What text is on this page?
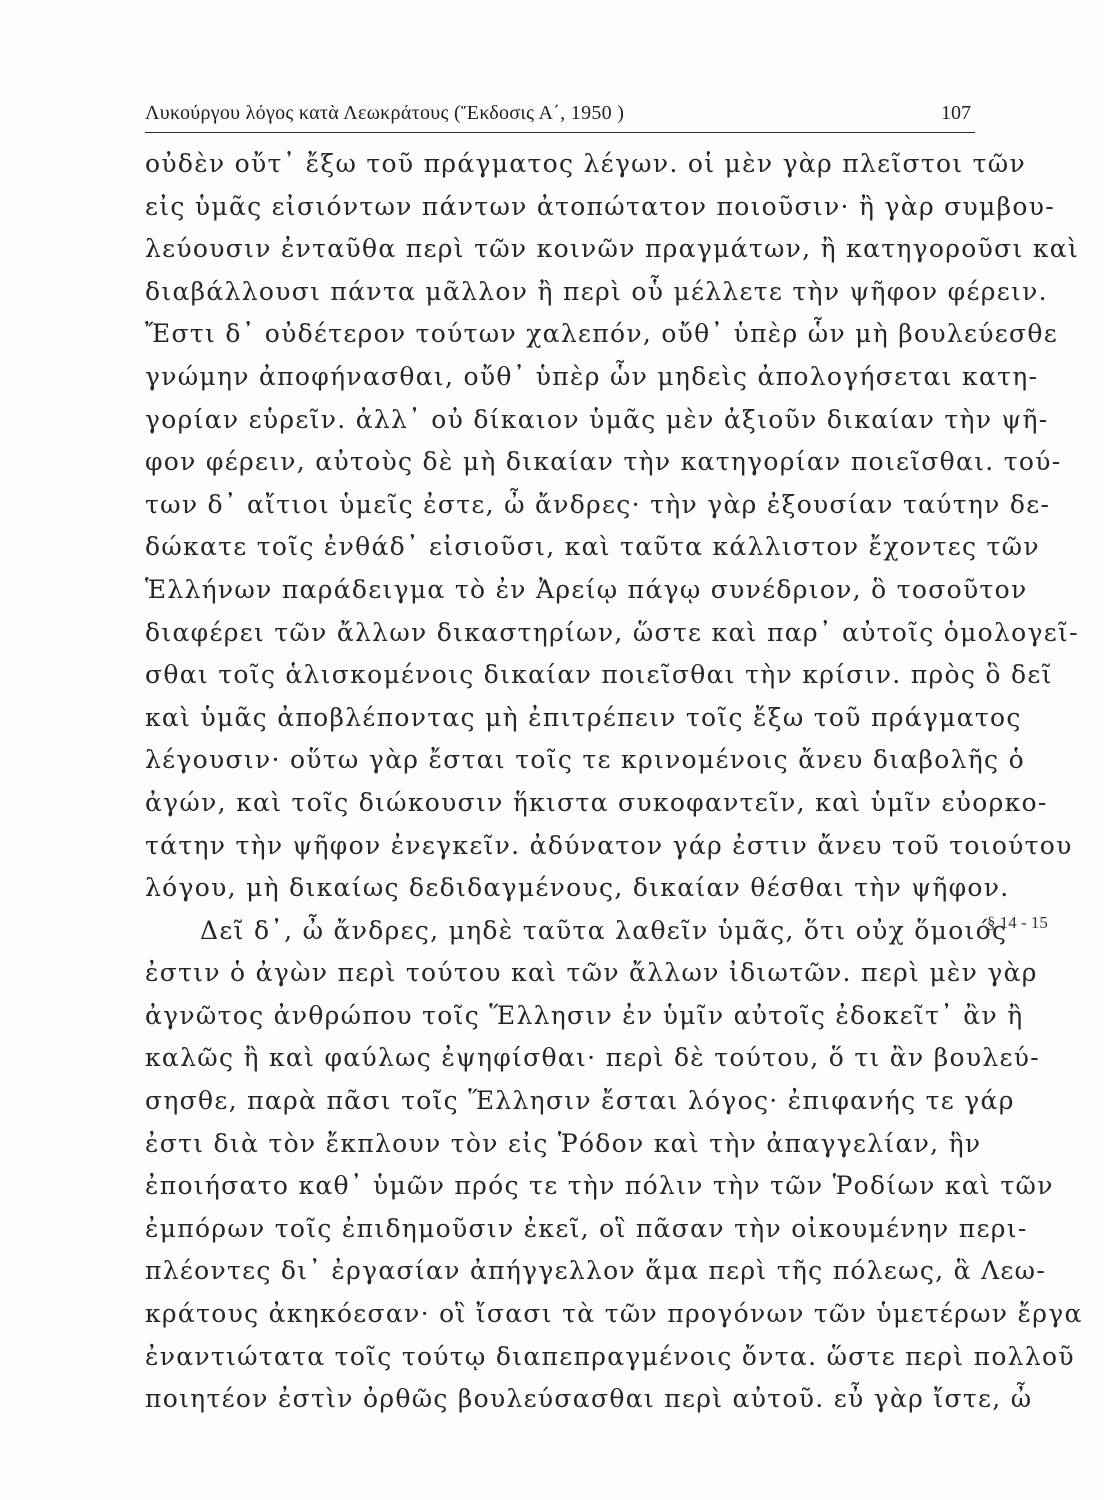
Λυκούργου λόγος κατὰ Λεωκράτους (Ἔκδοσις Α΄, 1950 )	107
οὐδὲν οὔτ᾽ ἔξω τοῦ πράγματος λέγων. οἱ μὲν γὰρ πλεῖστοι τῶν
εἰς ὑμᾶς εἰσιόντων πάντων ἀτοπώτατον ποιοῦσιν· ἢ γὰρ συμβου-
λεύουσιν ἐνταῦθα περὶ τῶν κοινῶν πραγμάτων, ἢ κατηγοροῦσι καὶ
διαβάλλουσι πάντα μᾶλλον ἢ περὶ οὗ μέλλετε τὴν ψῆφον φέρειν.
Ἔστι δ᾽ οὐδέτερον τούτων χαλεπόν, οὔθ᾽ ὑπὲρ ὧν μὴ βουλεύεσθε
γνώμην ἀποφήνασθαι, οὔθ᾽ ὑπὲρ ὧν μηδεὶς ἀπολογήσεται κατη-
γορίαν εὑρεῖν. ἀλλ᾽ οὐ δίκαιον ὑμᾶς μὲν ἀξιοῦν δικαίαν τὴν ψῆ-
φον φέρειν, αὐτοὺς δὲ μὴ δικαίαν τὴν κατηγορίαν ποιεῖσθαι. τού-
των δ᾽ αἴτιοι ὑμεῖς ἐστε, ὦ ἄνδρες· τὴν γὰρ ἐξουσίαν ταύτην δε-
δώκατε τοῖς ἐνθάδ᾽ εἰσιοῦσι, καὶ ταῦτα κάλλιστον ἔχοντες τῶν
Ἑλλήνων παράδειγμα τὸ ἐν Ἀρείῳ πάγῳ συνέδριον, ὃ τοσοῦτον
διαφέρει τῶν ἄλλων δικαστηρίων, ὥστε καὶ παρ᾽ αὐτοῖς ὁμολογεῖ-
σθαι τοῖς ἁλισκομένοις δικαίαν ποιεῖσθαι τὴν κρίσιν. πρὸς ὃ δεῖ
καὶ ὑμᾶς ἀποβλέποντας μὴ ἐπιτρέπειν τοῖς ἔξω τοῦ πράγματος
λέγουσιν· οὕτω γὰρ ἔσται τοῖς τε κρινομένοις ἄνευ διαβολῆς ὁ
ἀγών, καὶ τοῖς διώκουσιν ἥκιστα συκοφαντεῖν, καὶ ὑμῖν εὐορκο-
τάτην τὴν ψῆφον ἐνεγκεῖν. ἀδύνατον γάρ ἐστιν ἄνευ τοῦ τοιούτου
λόγου, μὴ δικαίως δεδιδαγμένους, δικαίαν θέσθαι τὴν ψῆφον.
Δεῖ δ᾽, ὦ ἄνδρες, μηδὲ ταῦτα λαθεῖν ὑμᾶς, ὅτι οὐχ ὅμοιός
ἐστιν ὁ ἀγὼν περὶ τούτου καὶ τῶν ἄλλων ἰδιωτῶν. περὶ μὲν γὰρ
ἀγνῶτος ἀνθρώπου τοῖς Ἕλλησιν ἐν ὑμῖν αὐτοῖς ἐδοκεῖτ᾽ ἂν ἢ
καλῶς ἢ καὶ φαύλως ἐψηφίσθαι· περὶ δὲ τούτου, ὅ τι ἂν βουλεύ-
σησθε, παρὰ πᾶσι τοῖς Ἕλλησιν ἔσται λόγος· ἐπιφανής τε γάρ
ἐστι διὰ τὸν ἔκπλουν τὸν εἰς Ῥόδον καὶ τὴν ἀπαγγελίαν, ἣν
ἐποιήσατο καθ᾽ ὑμῶν πρός τε τὴν πόλιν τὴν τῶν Ῥοδίων καὶ τῶν
ἐμπόρων τοῖς ἐπιδημοῦσιν ἐκεῖ, οἳ πᾶσαν τὴν οἰκουμένην περι-
πλέοντες δι᾽ ἐργασίαν ἀπήγγελλον ἅμα περὶ τῆς πόλεως, ἃ Λεω-
κράτους ἀκηκόεσαν· οἳ ἴσασι τὰ τῶν προγόνων τῶν ὑμετέρων ἔργα
ἐναντιώτατα τοῖς τούτῳ διαπεπραγμένοις ὄντα. ὥστε περὶ πολλοῦ
ποιητέον ἐστὶν ὀρθῶς βουλεύσασθαι περὶ αὐτοῦ. εὖ γὰρ ἴστε, ὦ
§ 14 - 15
